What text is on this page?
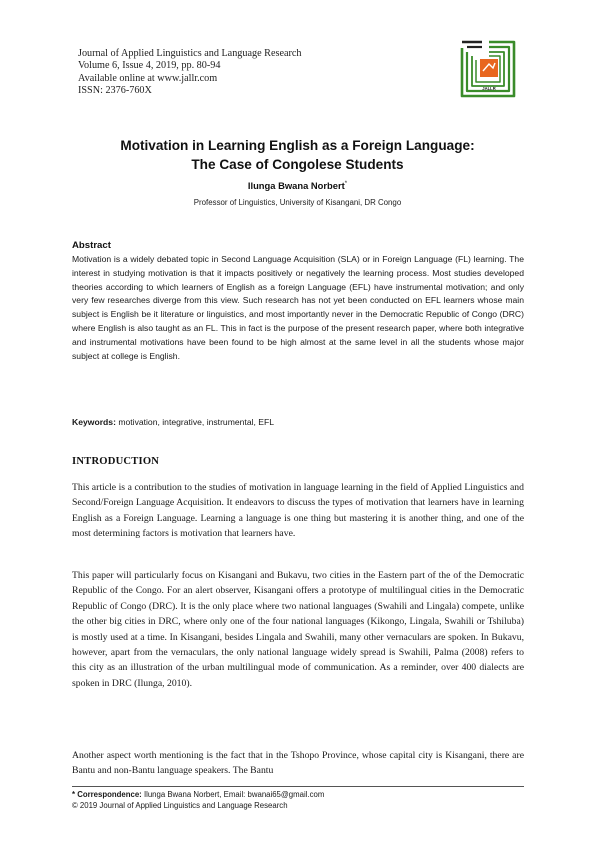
Journal of Applied Linguistics and Language Research
Volume 6, Issue 4, 2019, pp. 80-94
Available online at www.jallr.com
ISSN: 2376-760X	JALLR
Motivation in Learning English as a Foreign Language:
The Case of Congolese Students
Ilunga Bwana Norbert*
Professor of Linguistics, University of Kisangani, DR Congo
Abstract

Motivation is a widely debated topic in Second Language Acquisition (SLA) or in Foreign Language (FL) learning. The interest in studying motivation is that it impacts positively or negatively the learning process. Most studies developed theories according to which learners of English as a foreign Language (EFL) have instrumental motivation; and only very few researches diverge from this view. Such research has not yet been conducted on EFL learners whose main subject is English be it literature or linguistics, and most importantly never in the Democratic Republic of Congo (DRC) where English is also taught as an FL. This in fact is the purpose of the present research paper, where both integrative and instrumental motivations have been found to be high almost at the same level in all the students whose major subject at college is English.

Keywords: motivation, integrative, instrumental, EFL
INTRODUCTION

This article is a contribution to the studies of motivation in language learning in the field of Applied Linguistics and Second/Foreign Language Acquisition. It endeavors to discuss the types of motivation that learners have in learning English as a Foreign Language. Learning a language is one thing but mastering it is another thing, and one of the most determining factors is motivation that learners have.

This paper will particularly focus on Kisangani and Bukavu, two cities in the Eastern part of the of the Democratic Republic of the Congo. For an alert observer, Kisangani offers a prototype of multilingual cities in the Democratic Republic of Congo (DRC). It is the only place where two national languages (Swahili and Lingala) compete, unlike the other big cities in DRC, where only one of the four national languages (Kikongo, Lingala, Swahili or Tshiluba) is mostly used at a time. In Kisangani, besides Lingala and Swahili, many other vernaculars are spoken. In Bukavu, however, apart from the vernaculars, the only national language widely spread is Swahili, Palma (2008) refers to this city as an illustration of the urban multilingual mode of communication. As a reminder, over 400 dialects are spoken in DRC (Ilunga, 2010).

Another aspect worth mentioning is the fact that in the Tshopo Province, whose capital city is Kisangani, there are Bantu and non-Bantu language speakers. The Bantu

* Correspondence: Ilunga Bwana Norbert, Email: bwanai65@gmail.com
© 2019 Journal of Applied Linguistics and Language Research
